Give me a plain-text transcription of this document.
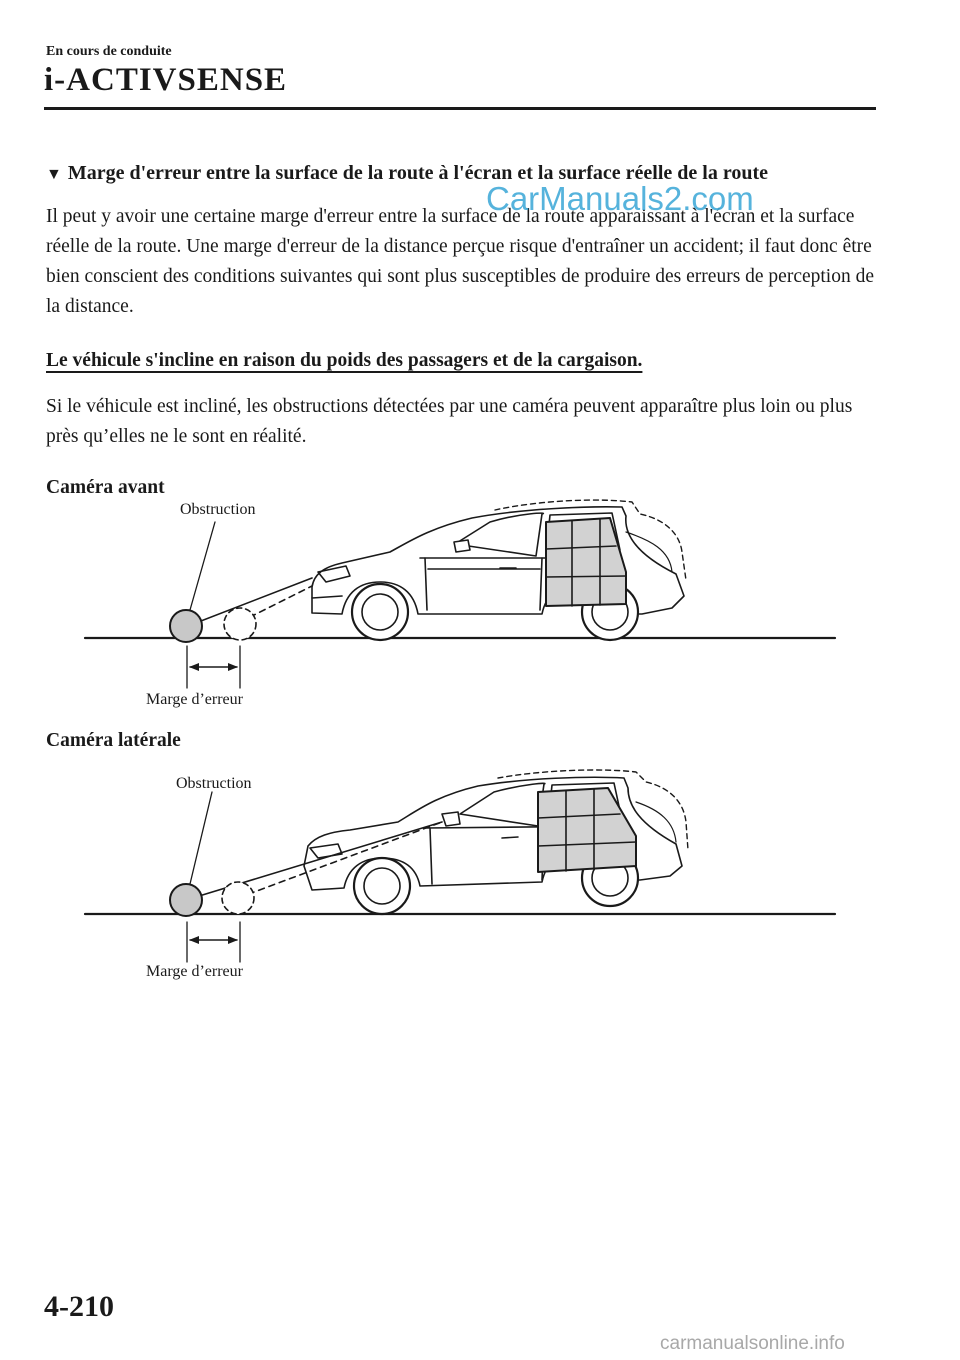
En cours de conduite
i-ACTIVSENSE
▼ Marge d'erreur entre la surface de la route à l'écran et la surface réelle de la route
Il peut y avoir une certaine marge d'erreur entre la surface de la route apparaissant à l'écran et la surface réelle de la route. Une marge d'erreur de la distance perçue risque d'entraîner un accident; il faut donc être bien conscient des conditions suivantes qui sont plus susceptibles de produire des erreurs de perception de la distance.
Le véhicule s'incline en raison du poids des passagers et de la cargaison.
Si le véhicule est incliné, les obstructions détectées par une caméra peuvent apparaître plus loin ou plus près qu’elles ne le sont en réalité.
Caméra avant
Obstruction
Marge d’erreur
Caméra latérale
Obstruction
Marge d’erreur
CarManuals2.com
4-210
carmanualsonline.info
